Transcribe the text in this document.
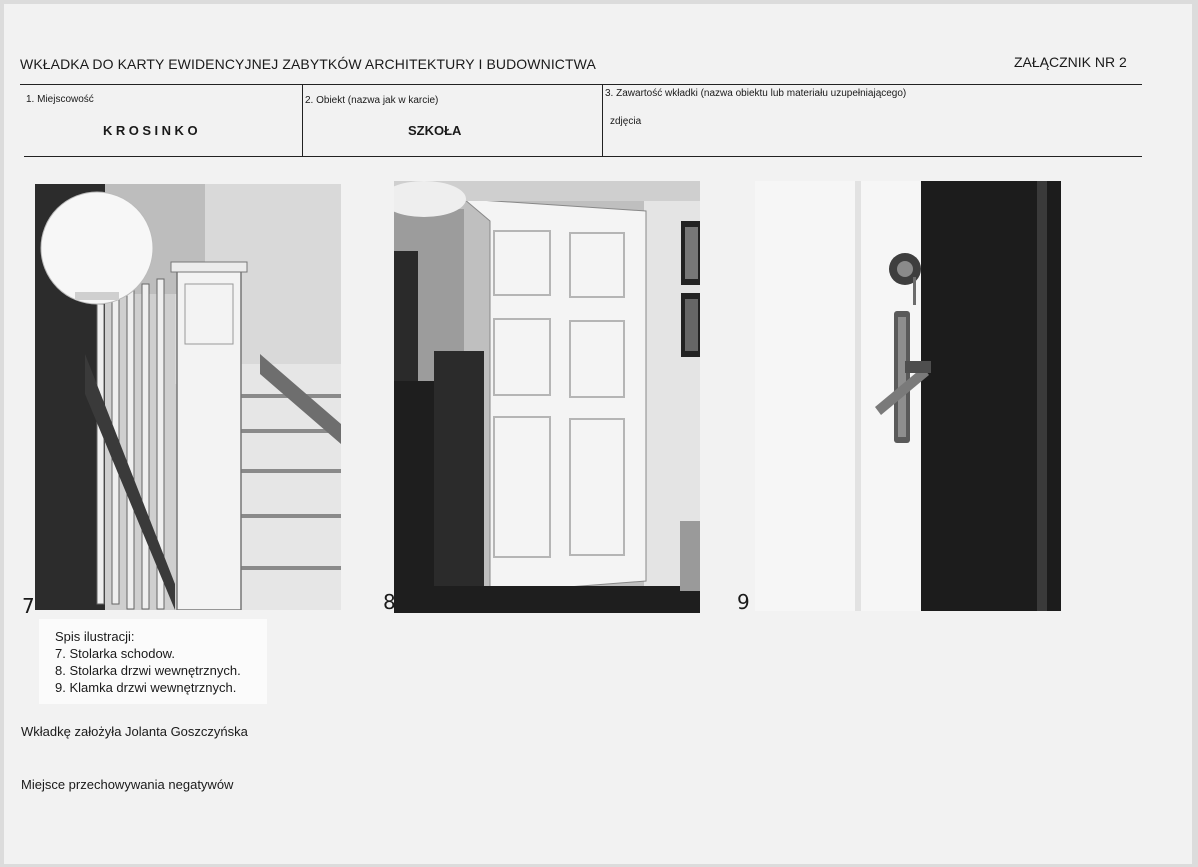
WKŁADKA DO KARTY EWIDENCYJNEJ ZABYTKÓW ARCHITEKTURY I BUDOWNICTWA	ZAŁĄCZNIK NR 2
1. Miejscowość
KROSINKO
2. Obiekt (nazwa jak w karcie)
SZKOŁA
3. Zawartość wkładki (nazwa obiektu lub materiału uzupełniającego)
zdjęcia
7	8	9
Spis ilustracji:
7. Stolarka schodow.
8. Stolarka drzwi wewnętrznych.
9. Klamka drzwi wewnętrznych.
Wkładkę założyła Jolanta Goszczyńska
Miejsce przechowywania negatywów
